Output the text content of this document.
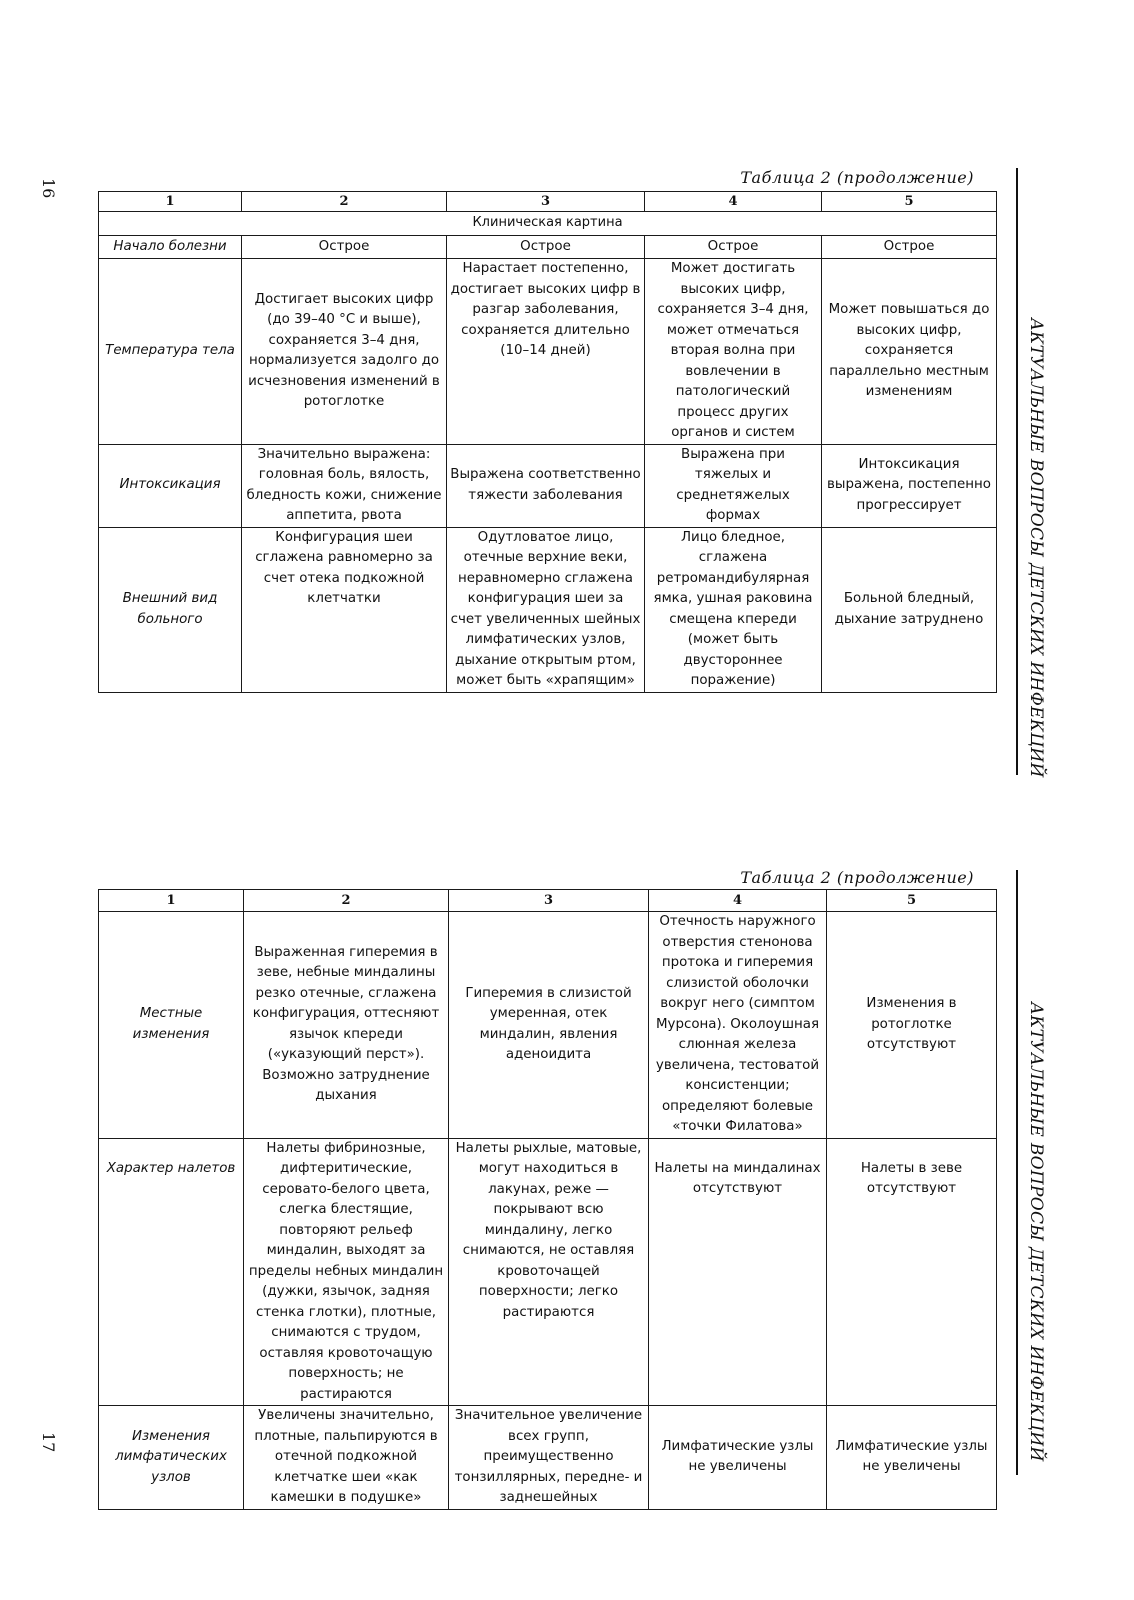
16
17
Таблица 2 (продолжение)
1	2	3	4	5
Клиническая картина				
Начало болезни	Острое	Острое	Острое	Острое
Температура тела	Достигает высоких цифр (до 39–40 °С и выше), сохраняется 3–4 дня, нормализуется задолго до исчезновения изменений в ротоглотке	Нарастает постепенно, достигает высоких цифр в разгар заболевания, сохраняется длительно (10–14 дней)	Может достигать высоких цифр, сохраняется 3–4 дня, может отмечаться вторая волна при вовлечении в патологический процесс других органов и систем	Может повышаться до высоких цифр, сохраняется параллельно местным изменениям
Интоксикация	Значительно выражена: головная боль, вялость, бледность кожи, снижение аппетита, рвота	Выражена соответственно тяжести заболевания	Выражена при тяжелых и среднетяжелых формах	Интоксикация выражена, постепенно прогрессирует
Внешний вид больного	Конфигурация шеи сглажена равномерно за счет отека подкожной клетчатки	Одутловатое лицо, отечные верхние веки, неравномерно сглажена конфигурация шеи за счет увеличенных шейных лимфатических узлов, дыхание открытым ртом, может быть «храпящим»	Лицо бледное, сглажена ретромандибулярная ямка, ушная раковина смещена кпереди (может быть двустороннее поражение)	Больной бледный, дыхание затруднено	АКТУАЛЬНЫЕ ВОПРОСЫ ДЕТСКИХ ИНФЕКЦИЙ
Таблица 2 (продолжение)
1	2	3	4	5
Местные изменения	Выраженная гиперемия в зеве, небные миндалины резко отечные, сглажена конфигурация, оттесняют язычок кпереди («указующий перст»). Возможно затруднение дыхания	Гиперемия в слизистой умеренная, отек миндалин, явления аденоидита	Отечность наружного отверстия стенонова протока и гиперемия слизистой оболочки вокруг него (симптом Мурсона). Околоушная слюнная железа увеличена, тестоватой консистенции; определяют болевые «точки Филатова»	Изменения в ротоглотке отсутствуют
Характер налетов	Налеты фибринозные, дифтеритические, серовато-белого цвета, слегка блестящие, повторяют рельеф миндалин, выходят за пределы небных миндалин (дужки, язычок, задняя стенка глотки), плотные, снимаются с трудом, оставляя кровоточащую поверхность; не растираются	Налеты рыхлые, матовые, могут находиться в лакунах, реже — покрывают всю миндалину, легко снимаются, не оставляя кровоточащей поверхности; легко растираются	Налеты на миндалинах отсутствуют	Налеты в зеве отсутствуют
Изменения лимфатических узлов	Увеличены значительно, плотные, пальпируются в отечной подкожной клетчатке шеи «как камешки в подушке»	Значительное увеличение всех групп, преимущественно тонзиллярных, передне- и заднешейных	Лимфатические узлы не увеличены	Лимфатические узлы не увеличены
АКТУАЛЬНЫЕ ВОПРОСЫ ДЕТСКИХ ИНФЕКЦИЙ
